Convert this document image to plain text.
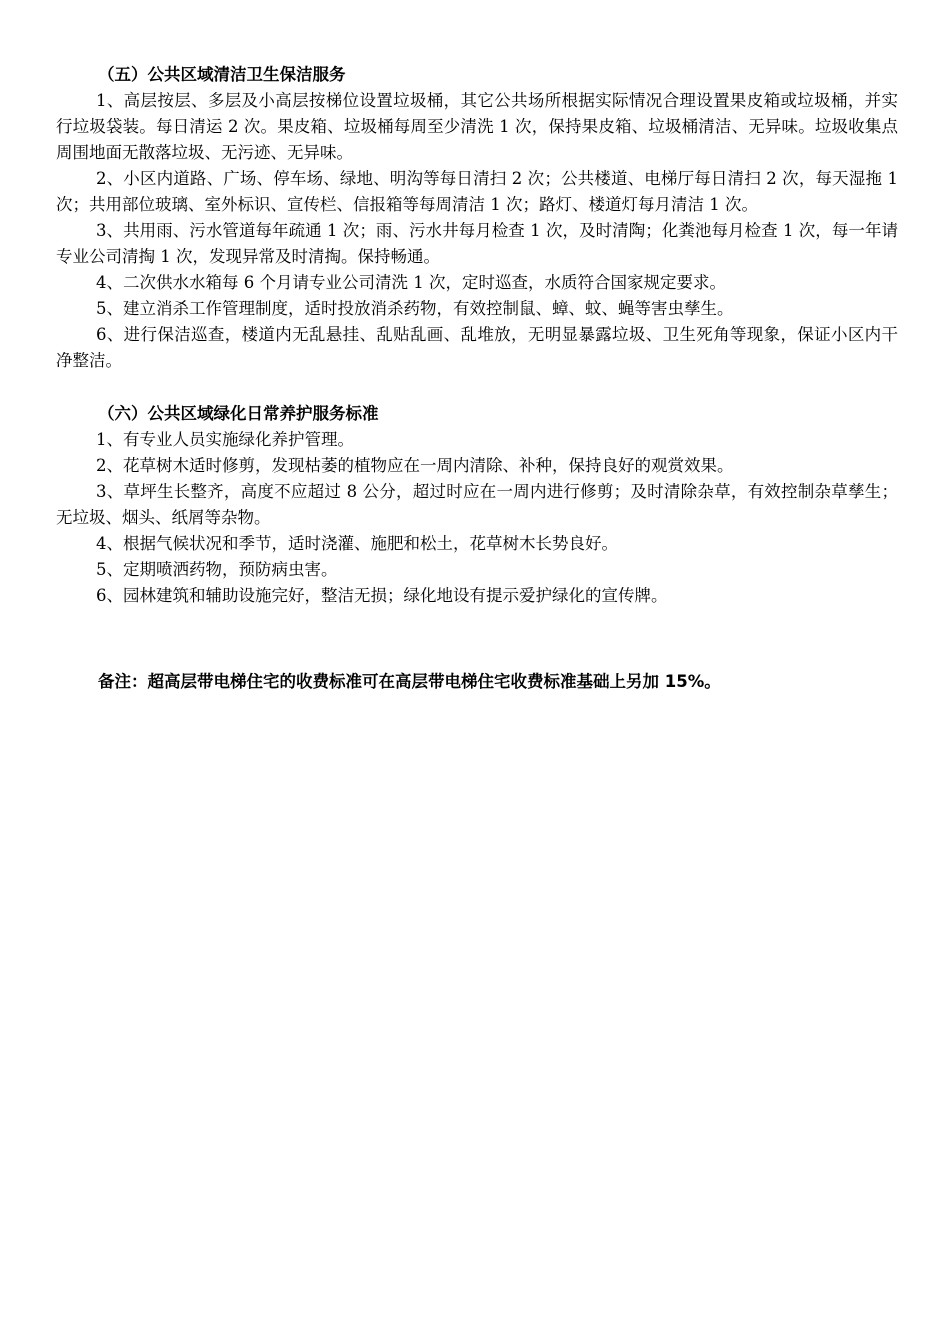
（五）公共区域清洁卫生保洁服务

1、高层按层、多层及小高层按梯位设置垃圾桶，其它公共场所根据实际情况合理设置果皮箱或垃圾桶，并实行垃圾袋装。每日清运 2 次。果皮箱、垃圾桶每周至少清洗 1 次，保持果皮箱、垃圾桶清洁、无异味。垃圾收集点周围地面无散落垃圾、无污迹、无异味。

2、小区内道路、广场、停车场、绿地、明沟等每日清扫 2 次；公共楼道、电梯厅每日清扫 2 次，每天湿拖 1 次；共用部位玻璃、室外标识、宣传栏、信报箱等每周清洁 1 次；路灯、楼道灯每月清洁 1 次。

3、共用雨、污水管道每年疏通 1 次；雨、污水井每月检查 1 次，及时清陶；化粪池每月检查 1 次，每一年请专业公司清掏 1 次，发现异常及时清掏。保持畅通。

4、二次供水水箱每 6 个月请专业公司清洗 1 次，定时巡查，水质符合国家规定要求。

5、建立消杀工作管理制度，适时投放消杀药物，有效控制鼠、蟑、蚊、蝇等害虫孳生。

6、进行保洁巡查，楼道内无乱悬挂、乱贴乱画、乱堆放，无明显暴露垃圾、卫生死角等现象，保证小区内干净整洁。

（六）公共区域绿化日常养护服务标准

1、有专业人员实施绿化养护管理。

2、花草树木适时修剪，发现枯萎的植物应在一周内清除、补种，保持良好的观赏效果。

3、草坪生长整齐，高度不应超过 8 公分，超过时应在一周内进行修剪；及时清除杂草，有效控制杂草孳生；无垃圾、烟头、纸屑等杂物。

4、根据气候状况和季节，适时浇灌、施肥和松土，花草树木长势良好。

5、定期喷洒药物，预防病虫害。

6、园林建筑和辅助设施完好，整洁无损；绿化地设有提示爱护绿化的宣传牌。

备注：超高层带电梯住宅的收费标准可在高层带电梯住宅收费标准基础上另加 15%。
